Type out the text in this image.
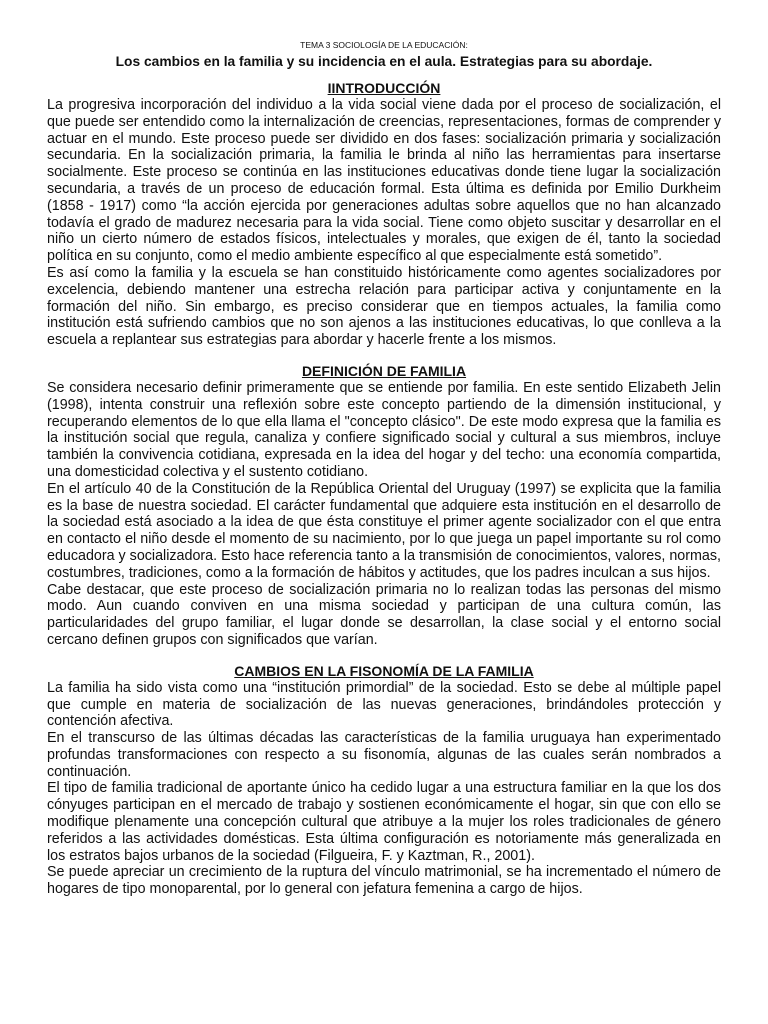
TEMA 3 SOCIOLOGÍA DE LA EDUCACIÓN:

Los cambios en la familia y su incidencia en el aula. Estrategias para su abordaje.

IINTRODUCCIÓN

La progresiva incorporación del individuo a la vida social viene dada por el proceso de socialización, el que puede ser entendido como la internalización de creencias, representaciones, formas de comprender y actuar en el mundo. Este proceso puede ser dividido en dos fases: socialización primaria y socialización secundaria. En la socialización primaria, la familia le brinda al niño las herramientas para insertarse socialmente. Este proceso se continúa en las instituciones educativas donde tiene lugar la socialización secundaria, a través de un proceso de educación formal. Esta última es definida por Emilio Durkheim (1858 - 1917) como “la acción ejercida por generaciones adultas sobre aquellos que no han alcanzado todavía el grado de madurez necesaria para la vida social. Tiene como objeto suscitar y desarrollar en el niño un cierto número de estados físicos, intelectuales y morales, que exigen de él, tanto la sociedad política en su conjunto, como el medio ambiente específico al que especialmente está sometido”.

Es así como la familia y la escuela se han constituido históricamente como agentes socializadores por excelencia, debiendo mantener una estrecha relación para participar activa y conjuntamente en la formación del niño. Sin embargo, es preciso considerar que en tiempos actuales, la familia como institución está sufriendo cambios que no son ajenos a las instituciones educativas, lo que conlleva a la escuela a replantear sus estrategias para abordar y hacerle frente a los mismos.

DEFINICIÓN DE FAMILIA

Se considera necesario definir primeramente que se entiende por familia. En este sentido Elizabeth Jelin (1998), intenta construir una reflexión sobre este concepto partiendo de la dimensión institucional, y recuperando elementos de lo que ella llama el "concepto clásico". De este modo expresa que la familia es la institución social que regula, canaliza y confiere significado social y cultural a sus miembros, incluye también la convivencia cotidiana, expresada en la idea del hogar y del techo: una economía compartida, una domesticidad colectiva y el sustento cotidiano.

En el artículo 40 de la Constitución de la República Oriental del Uruguay (1997) se explicita que la familia es la base de nuestra sociedad. El carácter fundamental que adquiere esta institución en el desarrollo de la sociedad está asociado a la idea de que ésta constituye el primer agente socializador con el que entra en contacto el niño desde el momento de su nacimiento, por lo que juega un papel importante su rol como educadora y socializadora. Esto hace referencia tanto a la transmisión de conocimientos, valores, normas, costumbres, tradiciones, como a la formación de hábitos y actitudes, que los padres inculcan a sus hijos.

Cabe destacar, que este proceso de socialización primaria no lo realizan todas las personas del mismo modo. Aun cuando conviven en una misma sociedad y participan de una cultura común, las particularidades del grupo familiar, el lugar donde se desarrollan, la clase social y el entorno social cercano definen grupos con significados que varían.

CAMBIOS EN LA FISONOMÍA DE LA FAMILIA

La familia ha sido vista como una “institución primordial” de la sociedad. Esto se debe al múltiple papel que cumple en materia de socialización de las nuevas generaciones, brindándoles protección y contención afectiva.

En el transcurso de las últimas décadas las características de la familia uruguaya han experimentado profundas transformaciones con respecto a su fisonomía, algunas de las cuales serán nombrados a continuación.

El tipo de familia tradicional de aportante único ha cedido lugar a una estructura familiar en la que los dos cónyuges participan en el mercado de trabajo y sostienen económicamente el hogar, sin que con ello se modifique plenamente una concepción cultural que atribuye a la mujer los roles tradicionales de género referidos a las actividades domésticas. Esta última configuración es notoriamente más generalizada en los estratos bajos urbanos de la sociedad (Filgueira, F. y Kaztman, R., 2001).

Se puede apreciar un crecimiento de la ruptura del vínculo matrimonial, se ha incrementado el número de hogares de tipo monoparental, por lo general con jefatura femenina a cargo de hijos.
